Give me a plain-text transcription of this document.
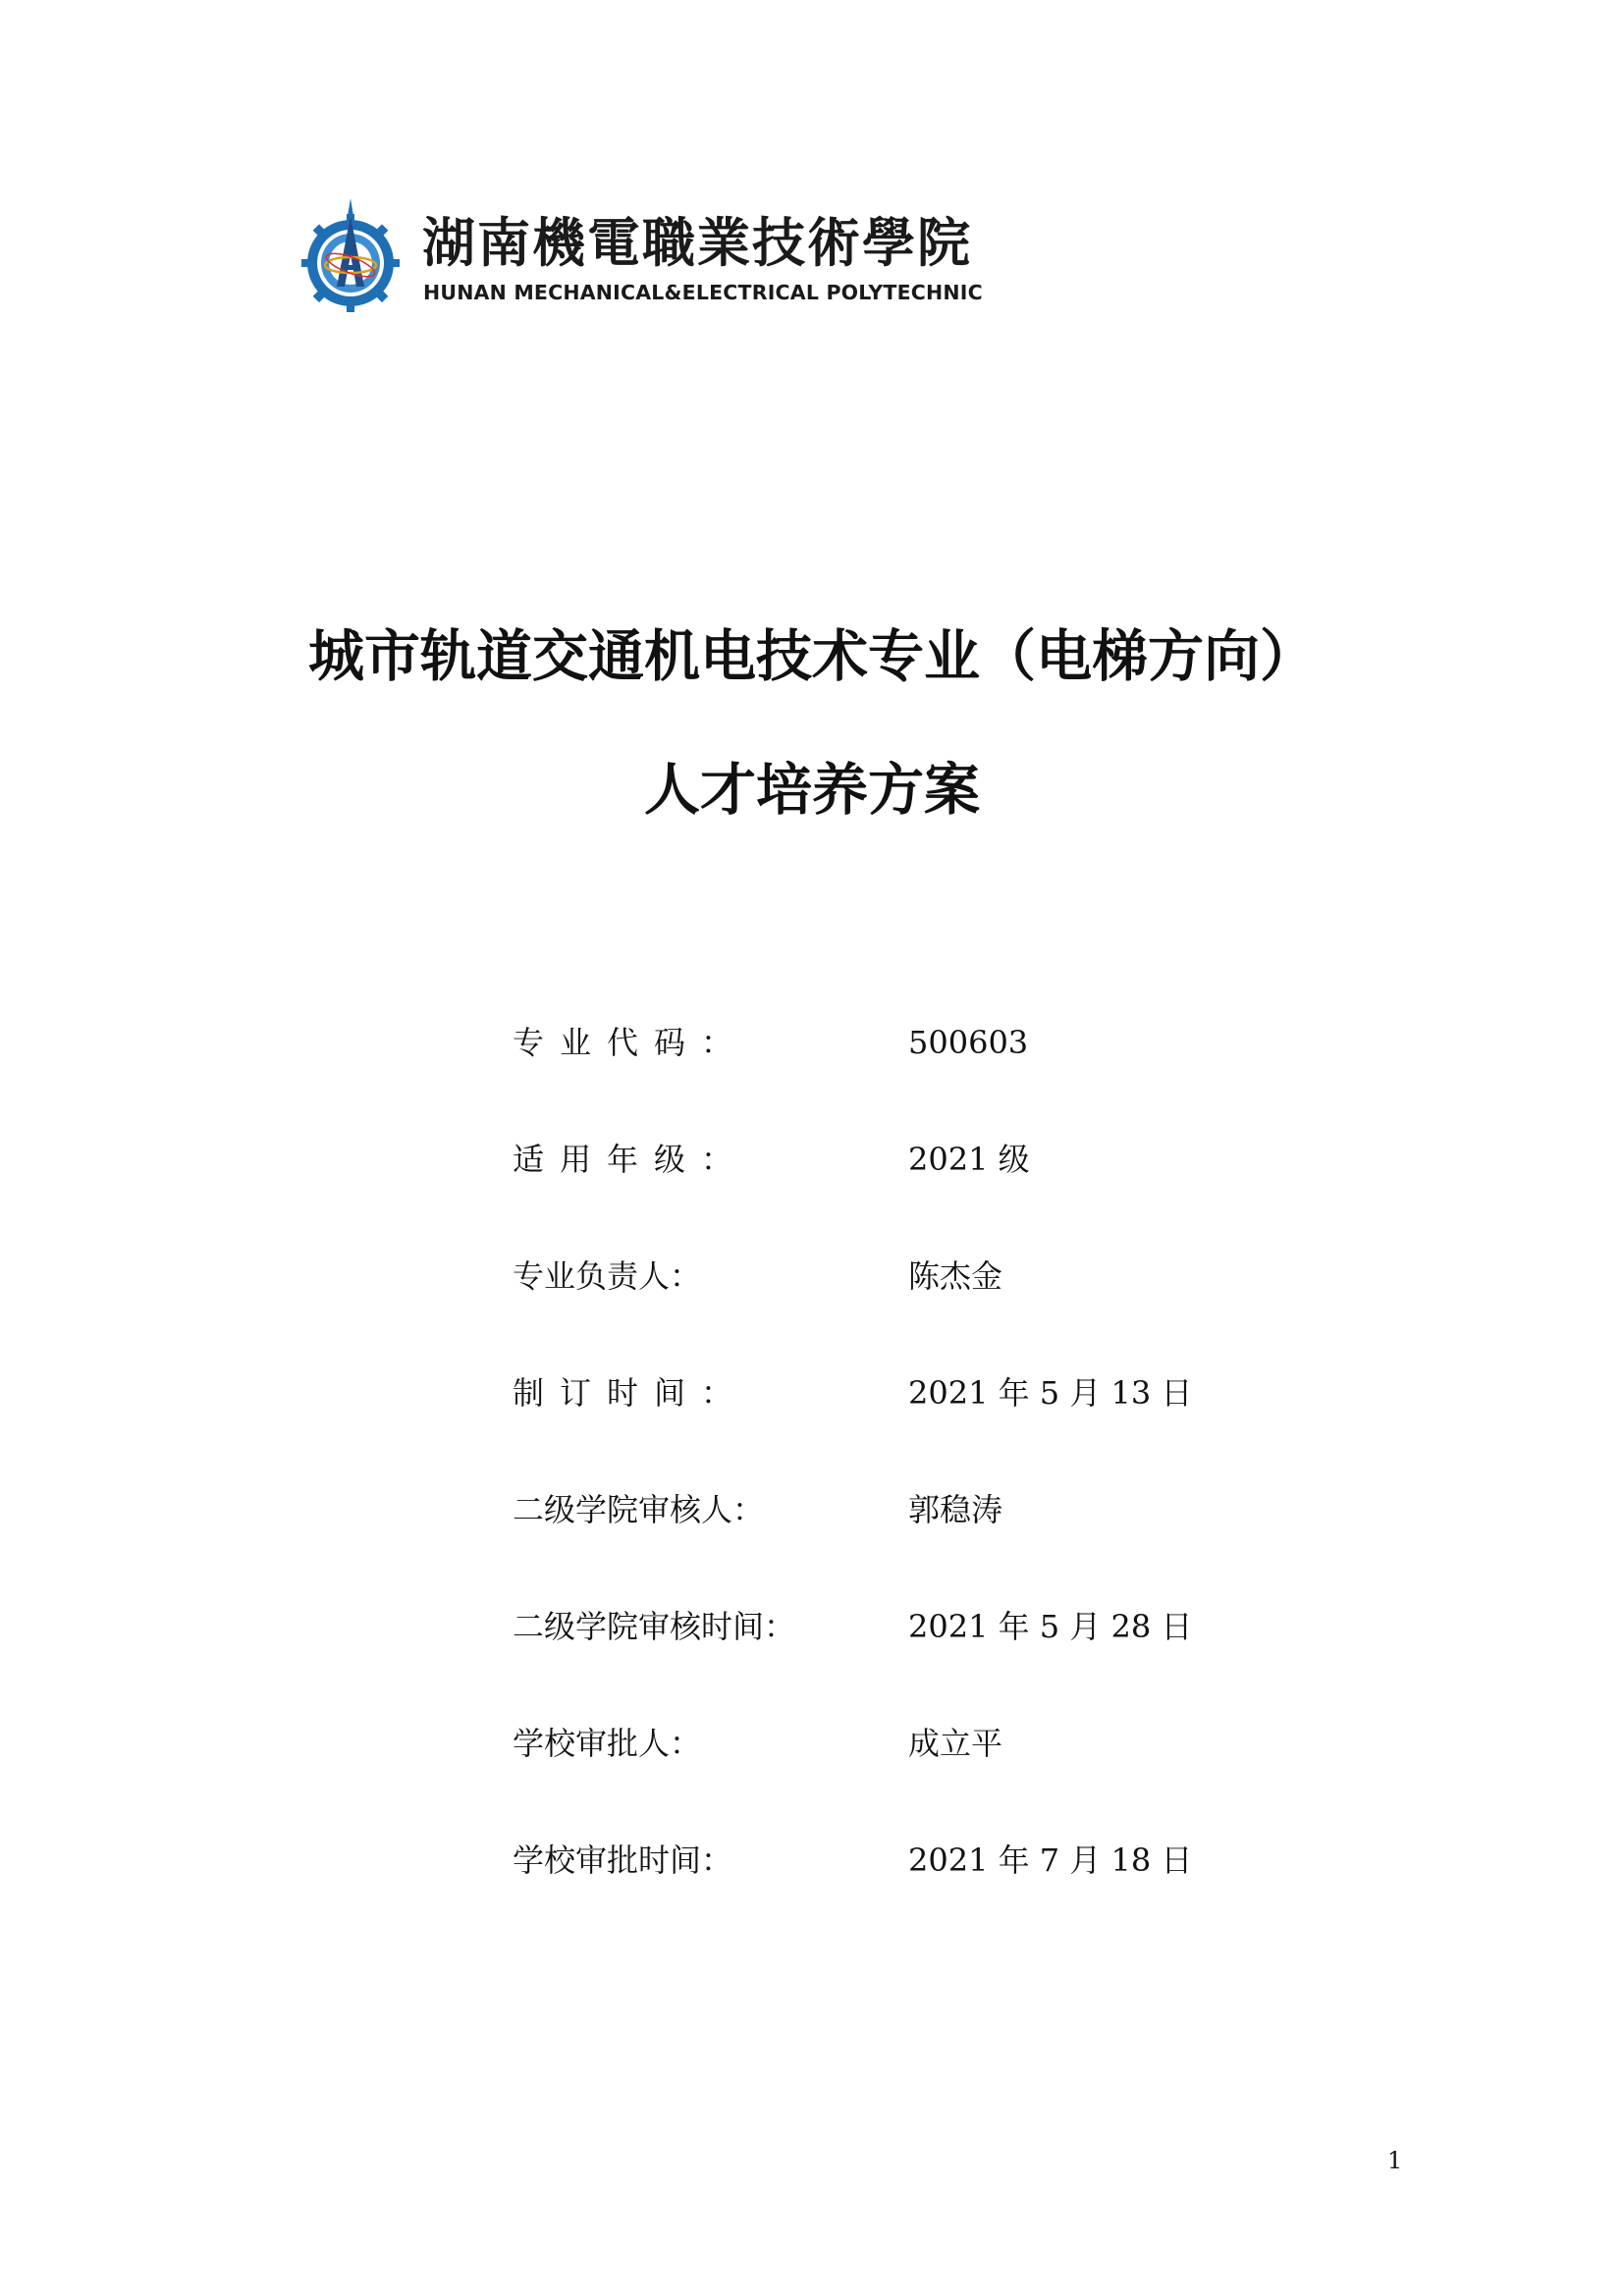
湖南機電職業技術學院
HUNAN MECHANICAL&ELECTRICAL POLYTECHNIC
城市轨道交通机电技术专业（电梯方向）
人才培养方案
专业代码：	500603
适用年级：	2021 级
专业负责人：	陈杰金
制订时间：	2021 年 5 月 13 日
二级学院审核人：	郭稳涛
二级学院审核时间：	2021 年 5 月 28 日
学校审批人：	成立平
学校审批时间：	2021 年 7 月 18 日
1
